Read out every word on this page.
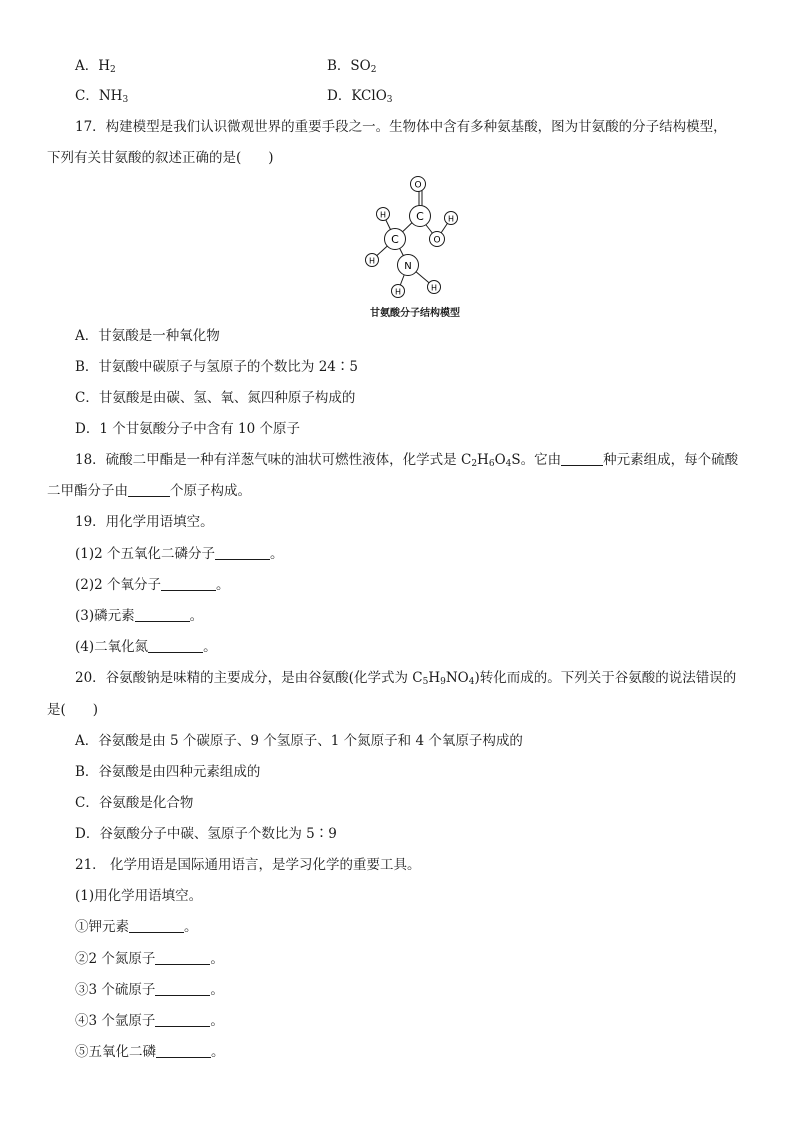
A．$H_2$	B．$SO_2$
C．$NH_3$	D．KClO$_3$
17．构建模型是我们认识微观世界的重要手段之一。生物体中含有多种氨基酸，图为甘氨酸的分子结构模型，
下列有关甘氨酸的叙述正确的是(　　)
O
C
O
H
C
H
H	N
H	H
甘氨酸分子结构模型
A．甘氨酸是一种氧化物
B．甘氨酸中碳原子与氢原子的个数比为 24∶5
C．甘氨酸是由碳、氢、氧、氮四种原子构成的
D．1 个甘氨酸分子中含有 10 个原子
18．硫酸二甲酯是一种有洋葱气味的油状可燃性液体，化学式是 $C_2H_6O_4S$。它由	种元素组成，每个硫酸
二甲酯分子由	个原子构成。
19．用化学用语填空。
(1)2 个五氧化二磷分子	。
(2)2 个氧分子	。
(3)磷元素	。
(4)二氧化氮	。
20．谷氨酸钠是味精的主要成分，是由谷氨酸(化学式为 $C_5H_9NO_4$)转化而成的。下列关于谷氨酸的说法错误的
是(　　)
A．谷氨酸是由 5 个碳原子、9 个氢原子、1 个氮原子和 4 个氧原子构成的
B．谷氨酸是由四种元素组成的
C．谷氨酸是化合物
D．谷氨酸分子中碳、氢原子个数比为 5∶9
21． 化学用语是国际通用语言，是学习化学的重要工具。
(1)用化学用语填空。
①钾元素	。
②2 个氮原子	。
③3 个硫原子	。
④3 个氩原子	。
⑤五氧化二磷	。
